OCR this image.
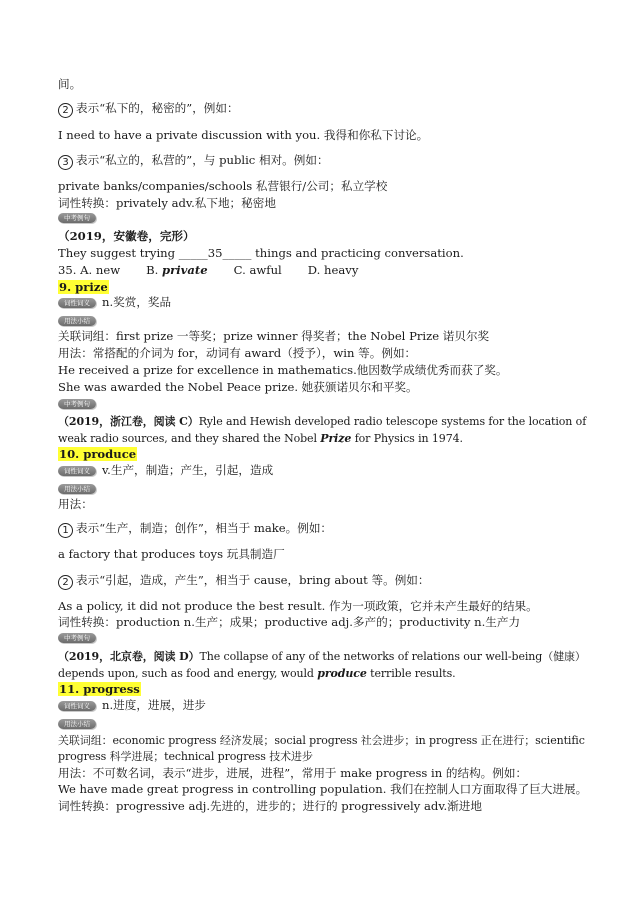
间。
2 表示“私下的，秘密的”，例如：
I need to have a private discussion with you. 我得和你私下讨论。
3 表示“私立的，私营的”，与 public 相对。例如：
private banks/companies/schools 私营银行/公司；私立学校
词性转换：privately adv.私下地；秘密地
中考例句
（2019，安徽卷，完形）
They suggest trying _____35_____ things and practicing conversation.
35. A. new B. private C. awful D. heavy
9. prize
词性词义 n.奖赏，奖品
用法小结
关联词组：first prize 一等奖；prize winner 得奖者；the Nobel Prize 诺贝尔奖
用法：常搭配的介词为 for，动词有 award（授予），win 等。例如：
He received a prize for excellence in mathematics.他因数学成绩优秀而获了奖。
She was awarded the Nobel Peace prize. 她获颁诺贝尔和平奖。
中考例句
（2019，浙江卷，阅读 C）Ryle and Hewish developed radio telescope systems for the location of weak radio sources, and they shared the Nobel Prize for Physics in 1974.
10. produce
词性词义 v.生产，制造；产生，引起，造成
用法小结
用法：
1 表示“生产，制造；创作”，相当于 make。例如：
a factory that produces toys 玩具制造厂
2 表示“引起，造成，产生”，相当于 cause，bring about 等。例如：
As a policy, it did not produce the best result. 作为一项政策，它并未产生最好的结果。
词性转换：production n.生产；成果；productive adj.多产的；productivity n.生产力
中考例句
（2019，北京卷，阅读 D）The collapse of any of the networks of relations our well-being（健康）depends upon, such as food and energy, would produce terrible results.
11. progress
词性词义 n.进度，进展，进步
用法小结
关联词组：economic progress 经济发展；social progress 社会进步；in progress 正在进行；scientific progress 科学进展；technical progress 技术进步
用法：不可数名词，表示“进步，进展，进程”，常用于 make progress in 的结构。例如：
We have made great progress in controlling population. 我们在控制人口方面取得了巨大进展。
词性转换：progressive adj.先进的，进步的；进行的 progressively adv.渐进地
